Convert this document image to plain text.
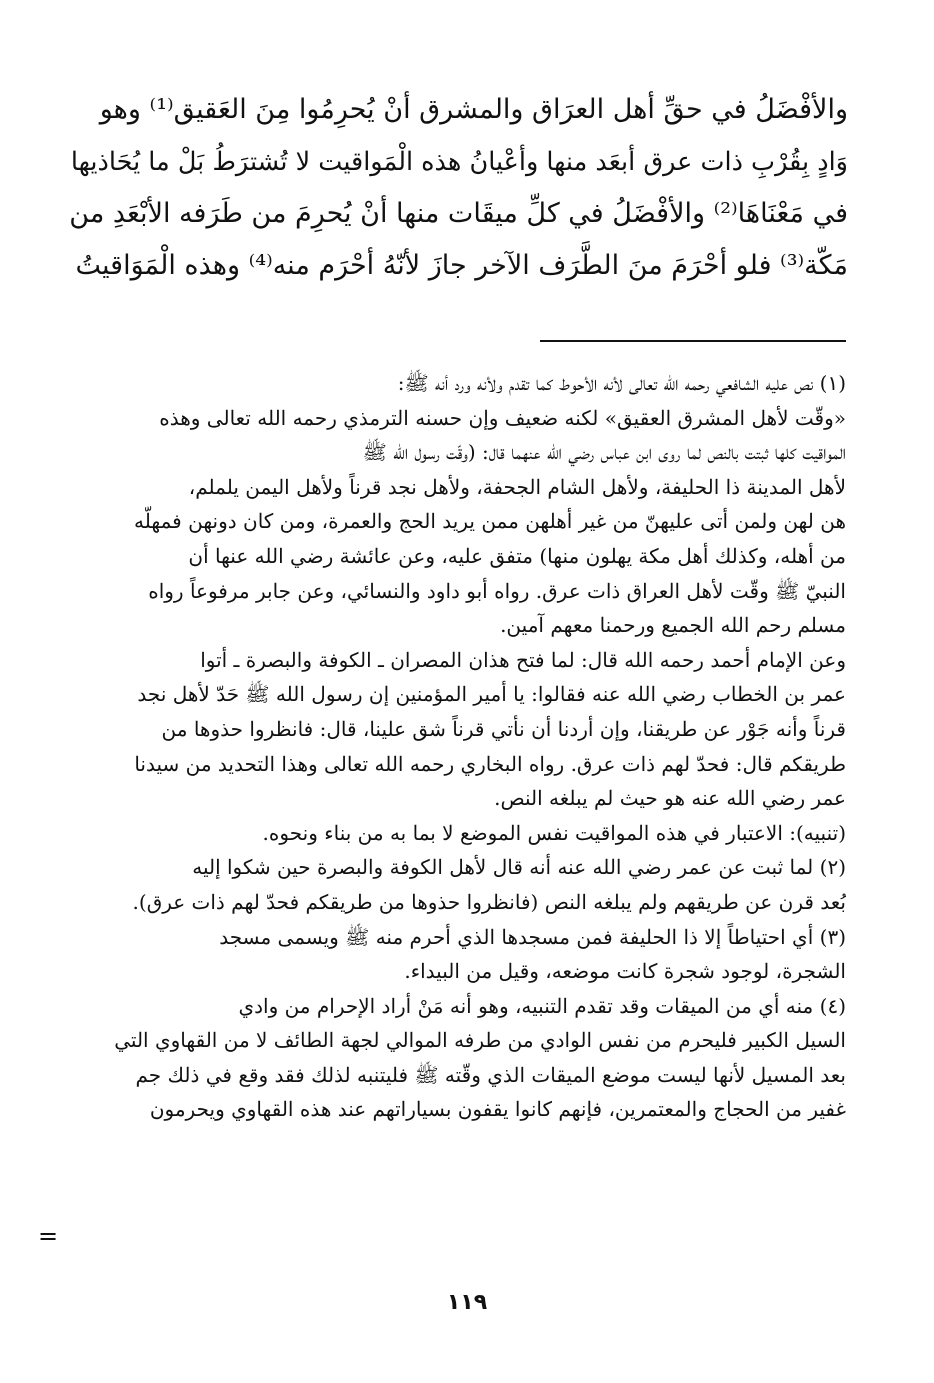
والأفْضَلُ في حقِّ أهل العرَاق والمشرق أنْ يُحرِمُوا مِنَ العَقيق⁽¹⁾ وهو
وَادٍ بِقُرْبِ ذات عرق أبعَد منها وأعْيانُ هذه الْمَواقيت لا تُشترَطُ بَلْ ما يُحَاذيها
في مَعْنَاهَا⁽²⁾ والأفْضَلُ في كلِّ ميقَات منها أنْ يُحرِمَ من طَرَفه الأبْعَدِ من
مَكّة⁽³⁾ فلو أحْرَمَ منَ الطَّرَف الآخر جازَ لأنّهُ أحْرَم منه⁽⁴⁾ وهذه الْمَوَاقيتُ
(١) نص عليه الشافعي رحمه الله تعالى لأنه الأحوط كما تقدم ولأنه ورد أنه ﷺ:
«وقّت لأهل المشرق العقيق» لكنه ضعيف وإن حسنه الترمذي رحمه الله تعالى وهذه
المواقيت كلها ثبتت بالنص لما روى ابن عباس رضي الله عنهما قال: (وقّت رسول الله ﷺ
لأهل المدينة ذا الحليفة، ولأهل الشام الجحفة، ولأهل نجد قرناً ولأهل اليمن يلملم،
هن لهن ولمن أتى عليهنّ من غير أهلهن ممن يريد الحج والعمرة، ومن كان دونهن فمهلّه
من أهله، وكذلك أهل مكة يهلون منها) متفق عليه، وعن عائشة رضي الله عنها أن
النبيّ ﷺ وقّت لأهل العراق ذات عرق. رواه أبو داود والنسائي، وعن جابر مرفوعاً رواه
مسلم رحم الله الجميع ورحمنا معهم آمين.
وعن الإمام أحمد رحمه الله قال: لما فتح هذان المصران ـ الكوفة والبصرة ـ أتوا
عمر بن الخطاب رضي الله عنه فقالوا: يا أمير المؤمنين إن رسول الله ﷺ حَدّ لأهل نجد
قرناً وأنه جَوْر عن طريقنا، وإن أردنا أن نأتي قرناً شق علينا، قال: فانظروا حذوها من
طريقكم قال: فحدّ لهم ذات عرق. رواه البخاري رحمه الله تعالى وهذا التحديد من سيدنا
عمر رضي الله عنه هو حيث لم يبلغه النص.
(تنبيه): الاعتبار في هذه المواقيت نفس الموضع لا بما به من بناء ونحوه.
(٢) لما ثبت عن عمر رضي الله عنه أنه قال لأهل الكوفة والبصرة حين شكوا إليه
بُعد قرن عن طريقهم ولم يبلغه النص (فانظروا حذوها من طريقكم فحدّ لهم ذات عرق).
(٣) أي احتياطاً إلا ذا الحليفة فمن مسجدها الذي أحرم منه ﷺ ويسمى مسجد
الشجرة، لوجود شجرة كانت موضعه، وقيل من البيداء.
(٤) منه أي من الميقات وقد تقدم التنبيه، وهو أنه مَنْ أراد الإحرام من وادي
السيل الكبير فليحرم من نفس الوادي من طرفه الموالي لجهة الطائف لا من القهاوي التي
بعد المسيل لأنها ليست موضع الميقات الذي وقّته ﷺ فليتنبه لذلك فقد وقع في ذلك جم
غفير من الحجاج والمعتمرين، فإنهم كانوا يقفون بسياراتهم عند هذه القهاوي ويحرمون
=
١١٩
